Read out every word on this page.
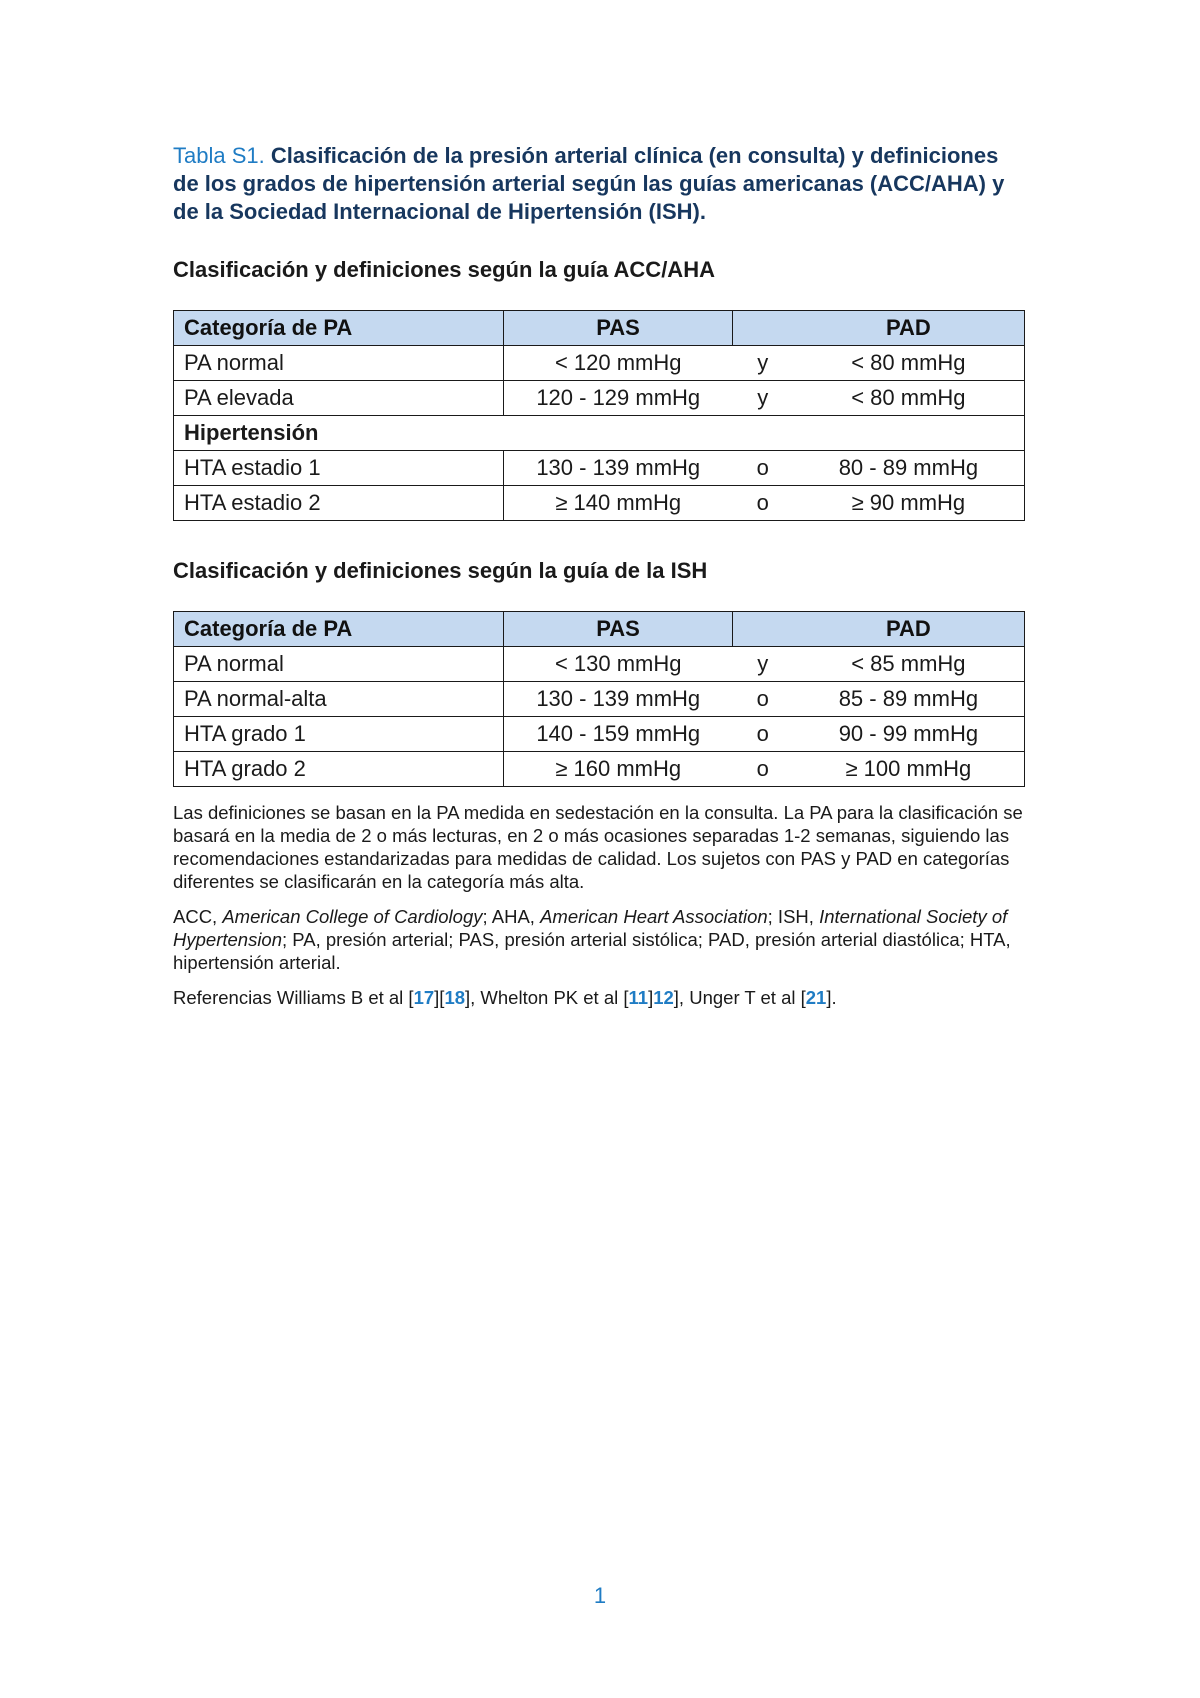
Tabla S1. Clasificación de la presión arterial clínica (en consulta) y definiciones de los grados de hipertensión arterial según las guías americanas (ACC/AHA) y de la Sociedad Internacional de Hipertensión (ISH).

Clasificación y definiciones según la guía ACC/AHA

Categoría de PA	PAS		PAD
PA normal	< 120 mmHg	y	< 80 mmHg
PA elevada	120 - 129 mmHg	y	< 80 mmHg
Hipertensión			
HTA estadio 1	130 - 139 mmHg	o	80 - 89 mmHg
HTA estadio 2	≥ 140 mmHg	o	≥ 90 mmHg

Clasificación y definiciones según la guía de la ISH

Categoría de PA	PAS		PAD
PA normal	< 130 mmHg	y	< 85 mmHg
PA normal-alta	130 - 139 mmHg	o	85 - 89 mmHg
HTA grado 1	140 - 159 mmHg	o	90 - 99 mmHg
HTA grado 2	≥ 160 mmHg	o	≥ 100 mmHg

Las definiciones se basan en la PA medida en sedestación en la consulta. La PA para la clasificación se basará en la media de 2 o más lecturas, en 2 o más ocasiones separadas 1-2 semanas, siguiendo las recomendaciones estandarizadas para medidas de calidad. Los sujetos con PAS y PAD en categorías diferentes se clasificarán en la categoría más alta.

ACC, American College of Cardiology; AHA, American Heart Association; ISH, International Society of Hypertension; PA, presión arterial; PAS, presión arterial sistólica; PAD, presión arterial diastólica; HTA, hipertensión arterial.

Referencias Williams B et al [17][18], Whelton PK et al [11]12], Unger T et al [21].

1
